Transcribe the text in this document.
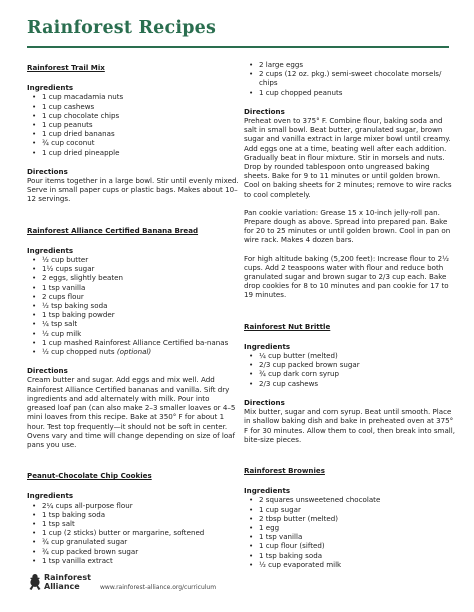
Rainforest Recipes
Rainforest Trail Mix
Ingredients
• 1 cup macadamia nuts
• 1 cup cashews
• 1 cup chocolate chips
• 1 cup peanuts
• 1 cup dried bananas
• ¾ cup coconut
• 1 cup dried pineapple
Directions

Pour items together in a large bowl. Stir until evenly mixed. Serve in small paper cups or plastic bags. Makes about 10–12 servings.

Rainforest Alliance Certified Banana Bread
Ingredients
• ½ cup butter
• 1½ cups sugar
• 2 eggs, slightly beaten
• 1 tsp vanilla
• 2 cups flour
• ½ tsp baking soda
• 1 tsp baking powder
• ¼ tsp salt
• ½ cup milk
• 1 cup mashed Rainforest Alliance Certified ba-nanas
• ½ cup chopped nuts (optional)
Directions

Cream butter and sugar. Add eggs and mix well. Add Rainforest Alliance Certified bananas and vanilla. Sift dry ingredients and add alternately with milk. Pour into greased loaf pan (can also make 2–3 smaller loaves or 4–5 mini loaves from this recipe. Bake at 350° F for about 1 hour. Test top frequently—it should not be soft in center. Ovens vary and time will change depending on size of loaf pans you use.

Peanut-Chocolate Chip Cookies
Ingredients
• 2¼ cups all-purpose flour
• 1 tsp baking soda
• 1 tsp salt
• 1 cup (2 sticks) butter or margarine, softened
• ¾ cup granulated sugar
• ¾ cup packed brown sugar
• 1 tsp vanilla extract
• 2 large eggs
• 2 cups (12 oz. pkg.) semi-sweet chocolate morsels/ chips
• 1 cup chopped peanuts
Directions

Preheat oven to 375° F. Combine flour, baking soda and salt in small bowl. Beat butter, granulated sugar, brown sugar and vanilla extract in large mixer bowl until creamy. Add eggs one at a time, beating well after each addition. Gradually beat in flour mixture. Stir in morsels and nuts. Drop by rounded tablespoon onto ungreased baking sheets. Bake for 9 to 11 minutes or until golden brown. Cool on baking sheets for 2 minutes; remove to wire racks to cool completely.

Pan cookie variation: Grease 15 x 10-inch jelly-roll pan. Prepare dough as above. Spread into prepared pan. Bake for 20 to 25 minutes or until golden brown. Cool in pan on wire rack. Makes 4 dozen bars.

For high altitude baking (5,200 feet): Increase flour to 2½ cups. Add 2 teaspoons water with flour and reduce both granulated sugar and brown sugar to 2/3 cup each. Bake drop cookies for 8 to 10 minutes and pan cookie for 17 to 19 minutes.

Rainforest Nut Brittle
Ingredients
• ¼ cup butter (melted)
• 2/3 cup packed brown sugar
• ¾ cup dark corn syrup
• 2/3 cup cashews
Directions

Mix butter, sugar and corn syrup. Beat until smooth. Place in shallow baking dish and bake in preheated oven at 375° F for 30 minutes. Allow them to cool, then break into small, bite-size pieces.

Rainforest Brownies
Ingredients
• 2 squares unsweetened chocolate
• 1 cup sugar
• 2 tbsp butter (melted)
• 1 egg
• 1 tsp vanilla
• 1 cup flour (sifted)
• 1 tsp baking soda
• ½ cup evaporated milk
Rainforest
Alliance	www.rainforest-alliance.org/curriculum
